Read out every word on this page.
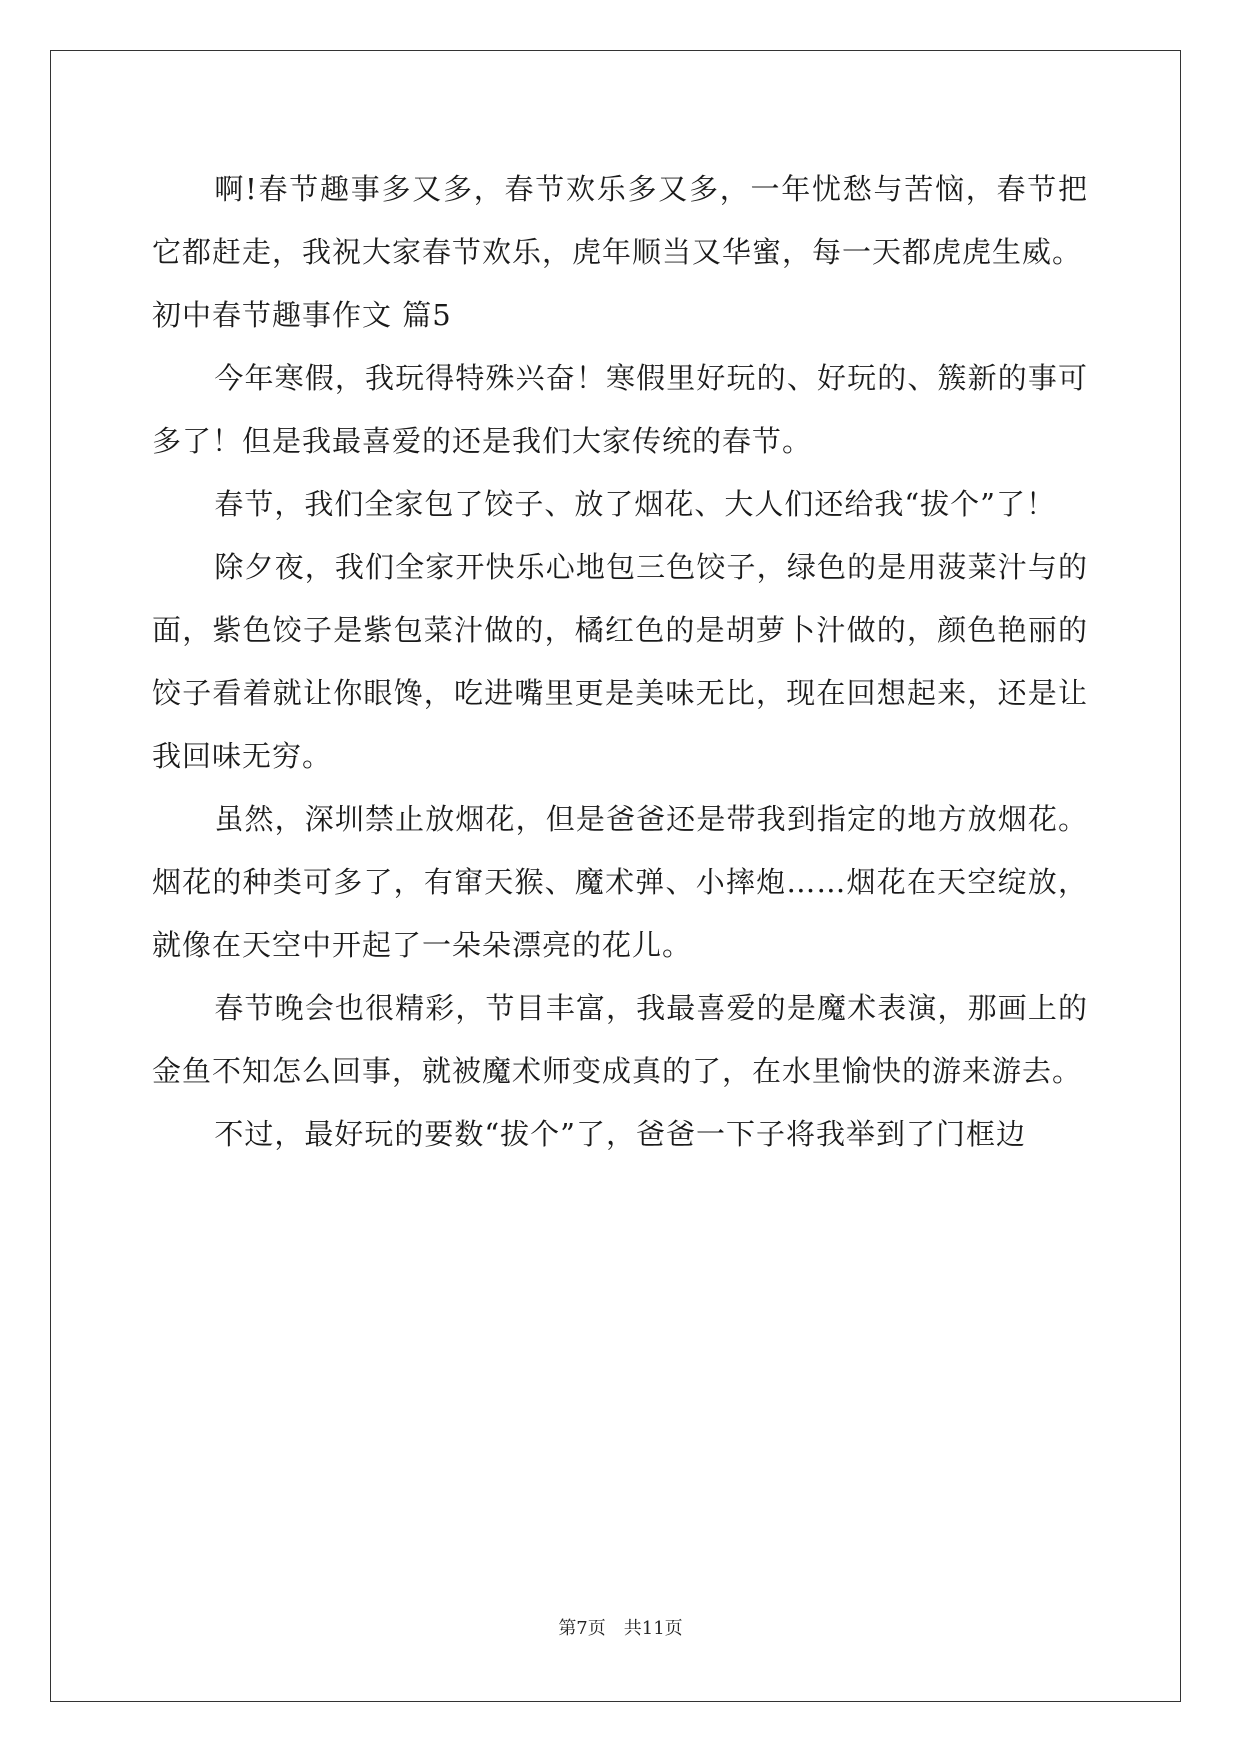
啊!春节趣事多又多，春节欢乐多又多，一年忧愁与苦恼，春节把它都赶走，我祝大家春节欢乐，虎年顺当又华蜜，每一天都虎虎生威。

初中春节趣事作文 篇5

今年寒假，我玩得特殊兴奋！寒假里好玩的、好玩的、簇新的事可多了！但是我最喜爱的还是我们大家传统的春节。

春节，我们全家包了饺子、放了烟花、大人们还给我“拔个”了！

除夕夜，我们全家开快乐心地包三色饺子，绿色的是用菠菜汁与的面，紫色饺子是紫包菜汁做的，橘红色的是胡萝卜汁做的，颜色艳丽的饺子看着就让你眼馋，吃进嘴里更是美味无比，现在回想起来，还是让我回味无穷。

虽然，深圳禁止放烟花，但是爸爸还是带我到指定的地方放烟花。烟花的种类可多了，有窜天猴、魔术弹、小摔炮……烟花在天空绽放，就像在天空中开起了一朵朵漂亮的花儿。

春节晚会也很精彩，节目丰富，我最喜爱的是魔术表演，那画上的金鱼不知怎么回事，就被魔术师变成真的了，在水里愉快的游来游去。

不过，最好玩的要数“拔个”了，爸爸一下子将我举到了门框边

第7页　共11页
